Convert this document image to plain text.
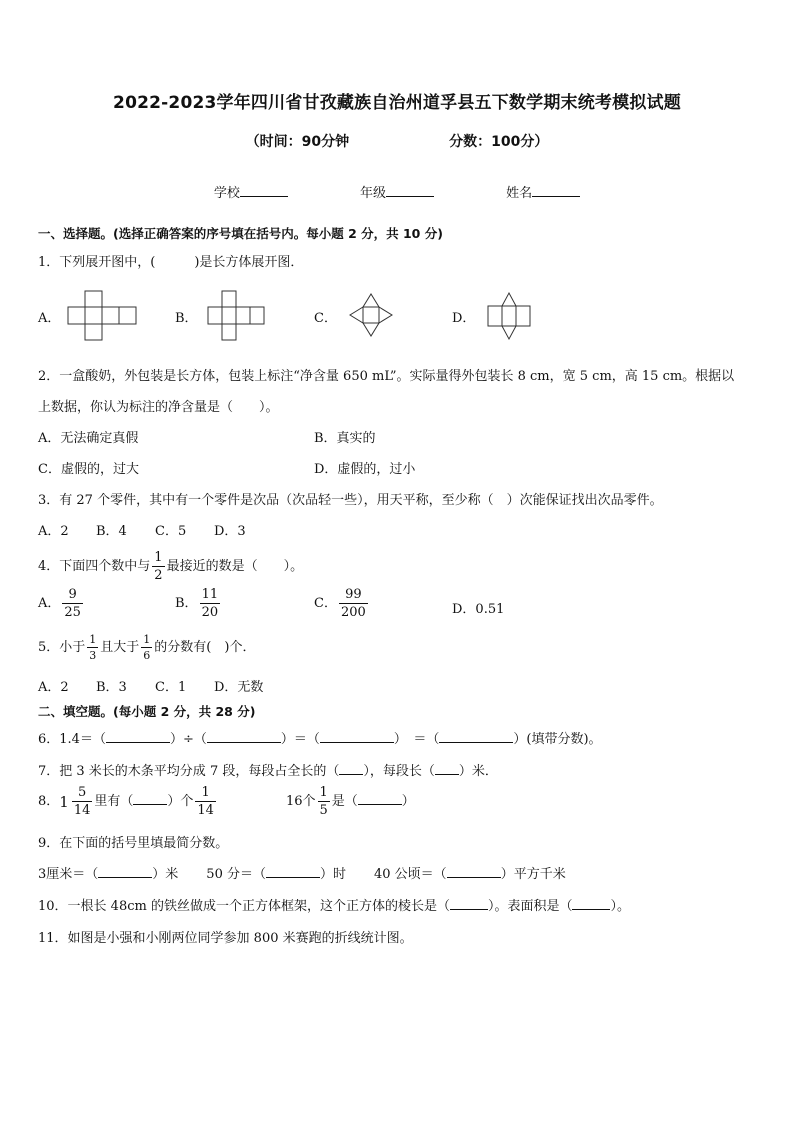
2022-2023学年四川省甘孜藏族自治州道孚县五下数学期末统考模拟试题
（时间：90分钟	分数：100分）
学校	年级	姓名
一、选择题。(选择正确答案的序号填在括号内。每小题 2 分，共 10 分)
1．下列展开图中，(　　　)是长方体展开图．
A．	B．	C．	D．
2．一盒酸奶，外包装是长方体，包装上标注“净含量 650 mL”。实际量得外包装长 8 cm，宽 5 cm，高 15 cm。根据以
上数据，你认为标注的净含量是（　　）。
A．无法确定真假	B．真实的
C．虚假的，过大	D．虚假的，过小
3．有 27 个零件，其中有一个零件是次品（次品轻一些），用天平称，至少称（　）次能保证找出次品零件。
A．2 B．4 C．5 D．3
4．下面四个数中与 $\frac{1}{2}$ 最接近的数是（　　）。
A． $\frac{9}{25}$	B． $\frac{11}{20}$	C． $\frac{99}{200}$	D．0.51
5．小于 $\frac{1}{3}$ 且大于 $\frac{1}{6}$ 的分数有(　)个．
A．2 B．3 C．1 D．无数
二、填空题。(每小题 2 分，共 28 分)
6．1.4＝（	）÷（	）＝（	）　＝（	）(填带分数)。
7．把 3 米长的木条平均分成 7 段，每段占全长的（ ），每段长（ ）米．
8． $1 \frac{5}{14}$ 里有（	）个 $\frac{1}{14}$	16个 $\frac{1}{5}$ 是（	）
9．在下面的括号里填最简分数。
3厘米＝（	）米 50 分＝（	）时 40 公顷＝（	）平方千米
10．一根长 48cm 的铁丝做成一个正方体框架，这个正方体的棱长是（	）。表面积是（	）。
11．如图是小强和小刚两位同学参加 800 米赛跑的折线统计图。
